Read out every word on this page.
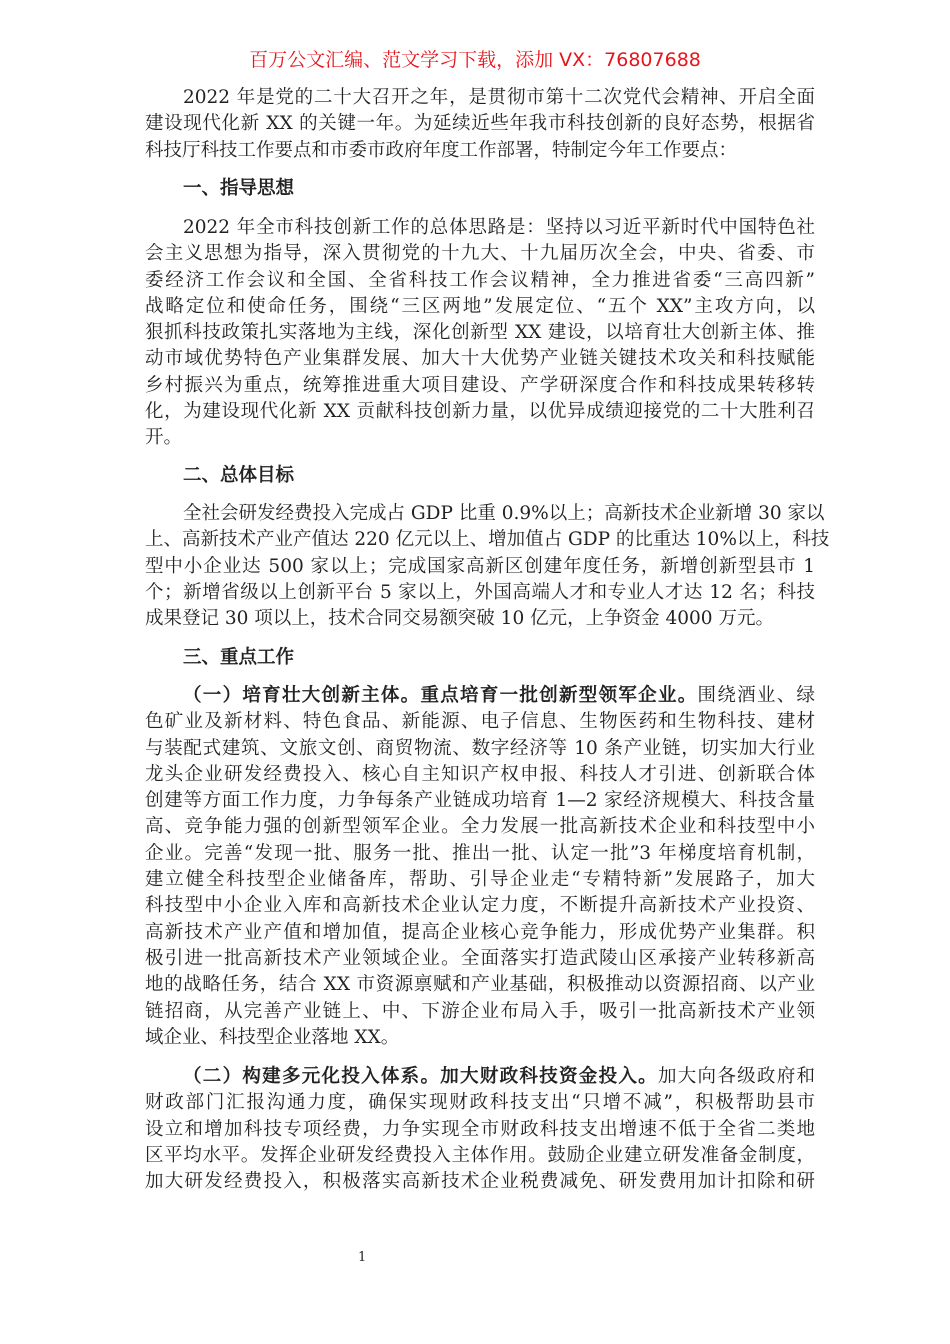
百万公文汇编、范文学习下载，添加 VX：76807688
2022 年是党的二十大召开之年，是贯彻市第十二次党代会精神、开启全面
建设现代化新 XX 的关键一年。为延续近些年我市科技创新的良好态势，根据省
科技厅科技工作要点和市委市政府年度工作部署，特制定今年工作要点：
一、指导思想
2022 年全市科技创新工作的总体思路是：坚持以习近平新时代中国特色社
会主义思想为指导，深入贯彻党的十九大、十九届历次全会，中央、省委、市
委经济工作会议和全国、全省科技工作会议精神，全力推进省委“三高四新”
战略定位和使命任务，围绕“三区两地”发展定位、“五个 XX”主攻方向，以
狠抓科技政策扎实落地为主线，深化创新型 XX 建设，以培育壮大创新主体、推
动市域优势特色产业集群发展、加大十大优势产业链关键技术攻关和科技赋能
乡村振兴为重点，统筹推进重大项目建设、产学研深度合作和科技成果转移转
化，为建设现代化新 XX 贡献科技创新力量，以优异成绩迎接党的二十大胜利召
开。
二、总体目标
全社会研发经费投入完成占 GDP 比重 0.9%以上；高新技术企业新增 30 家以
上、高新技术产业产值达 220 亿元以上、增加值占 GDP 的比重达 10%以上，科技
型中小企业达 500 家以上；完成国家高新区创建年度任务，新增创新型县市 1
个；新增省级以上创新平台 5 家以上，外国高端人才和专业人才达 12 名；科技
成果登记 30 项以上，技术合同交易额突破 10 亿元，上争资金 4000 万元。
三、重点工作
（一）培育壮大创新主体。重点培育一批创新型领军企业。围绕酒业、绿
色矿业及新材料、特色食品、新能源、电子信息、生物医药和生物科技、建材
与装配式建筑、文旅文创、商贸物流、数字经济等 10 条产业链，切实加大行业
龙头企业研发经费投入、核心自主知识产权申报、科技人才引进、创新联合体
创建等方面工作力度，力争每条产业链成功培育 1—2 家经济规模大、科技含量
高、竞争能力强的创新型领军企业。全力发展一批高新技术企业和科技型中小
企业。完善“发现一批、服务一批、推出一批、认定一批”3 年梯度培育机制，
建立健全科技型企业储备库，帮助、引导企业走“专精特新”发展路子，加大
科技型中小企业入库和高新技术企业认定力度，不断提升高新技术产业投资、
高新技术产业产值和增加值，提高企业核心竞争能力，形成优势产业集群。积
极引进一批高新技术产业领域企业。全面落实打造武陵山区承接产业转移新高
地的战略任务，结合 XX 市资源禀赋和产业基础，积极推动以资源招商、以产业
链招商，从完善产业链上、中、下游企业布局入手，吸引一批高新技术产业领
域企业、科技型企业落地 XX。
（二）构建多元化投入体系。加大财政科技资金投入。加大向各级政府和
财政部门汇报沟通力度，确保实现财政科技支出“只增不减”，积极帮助县市
设立和增加科技专项经费，力争实现全市财政科技支出增速不低于全省二类地
区平均水平。发挥企业研发经费投入主体作用。鼓励企业建立研发准备金制度，
加大研发经费投入，积极落实高新技术企业税费减免、研发费用加计扣除和研
1
